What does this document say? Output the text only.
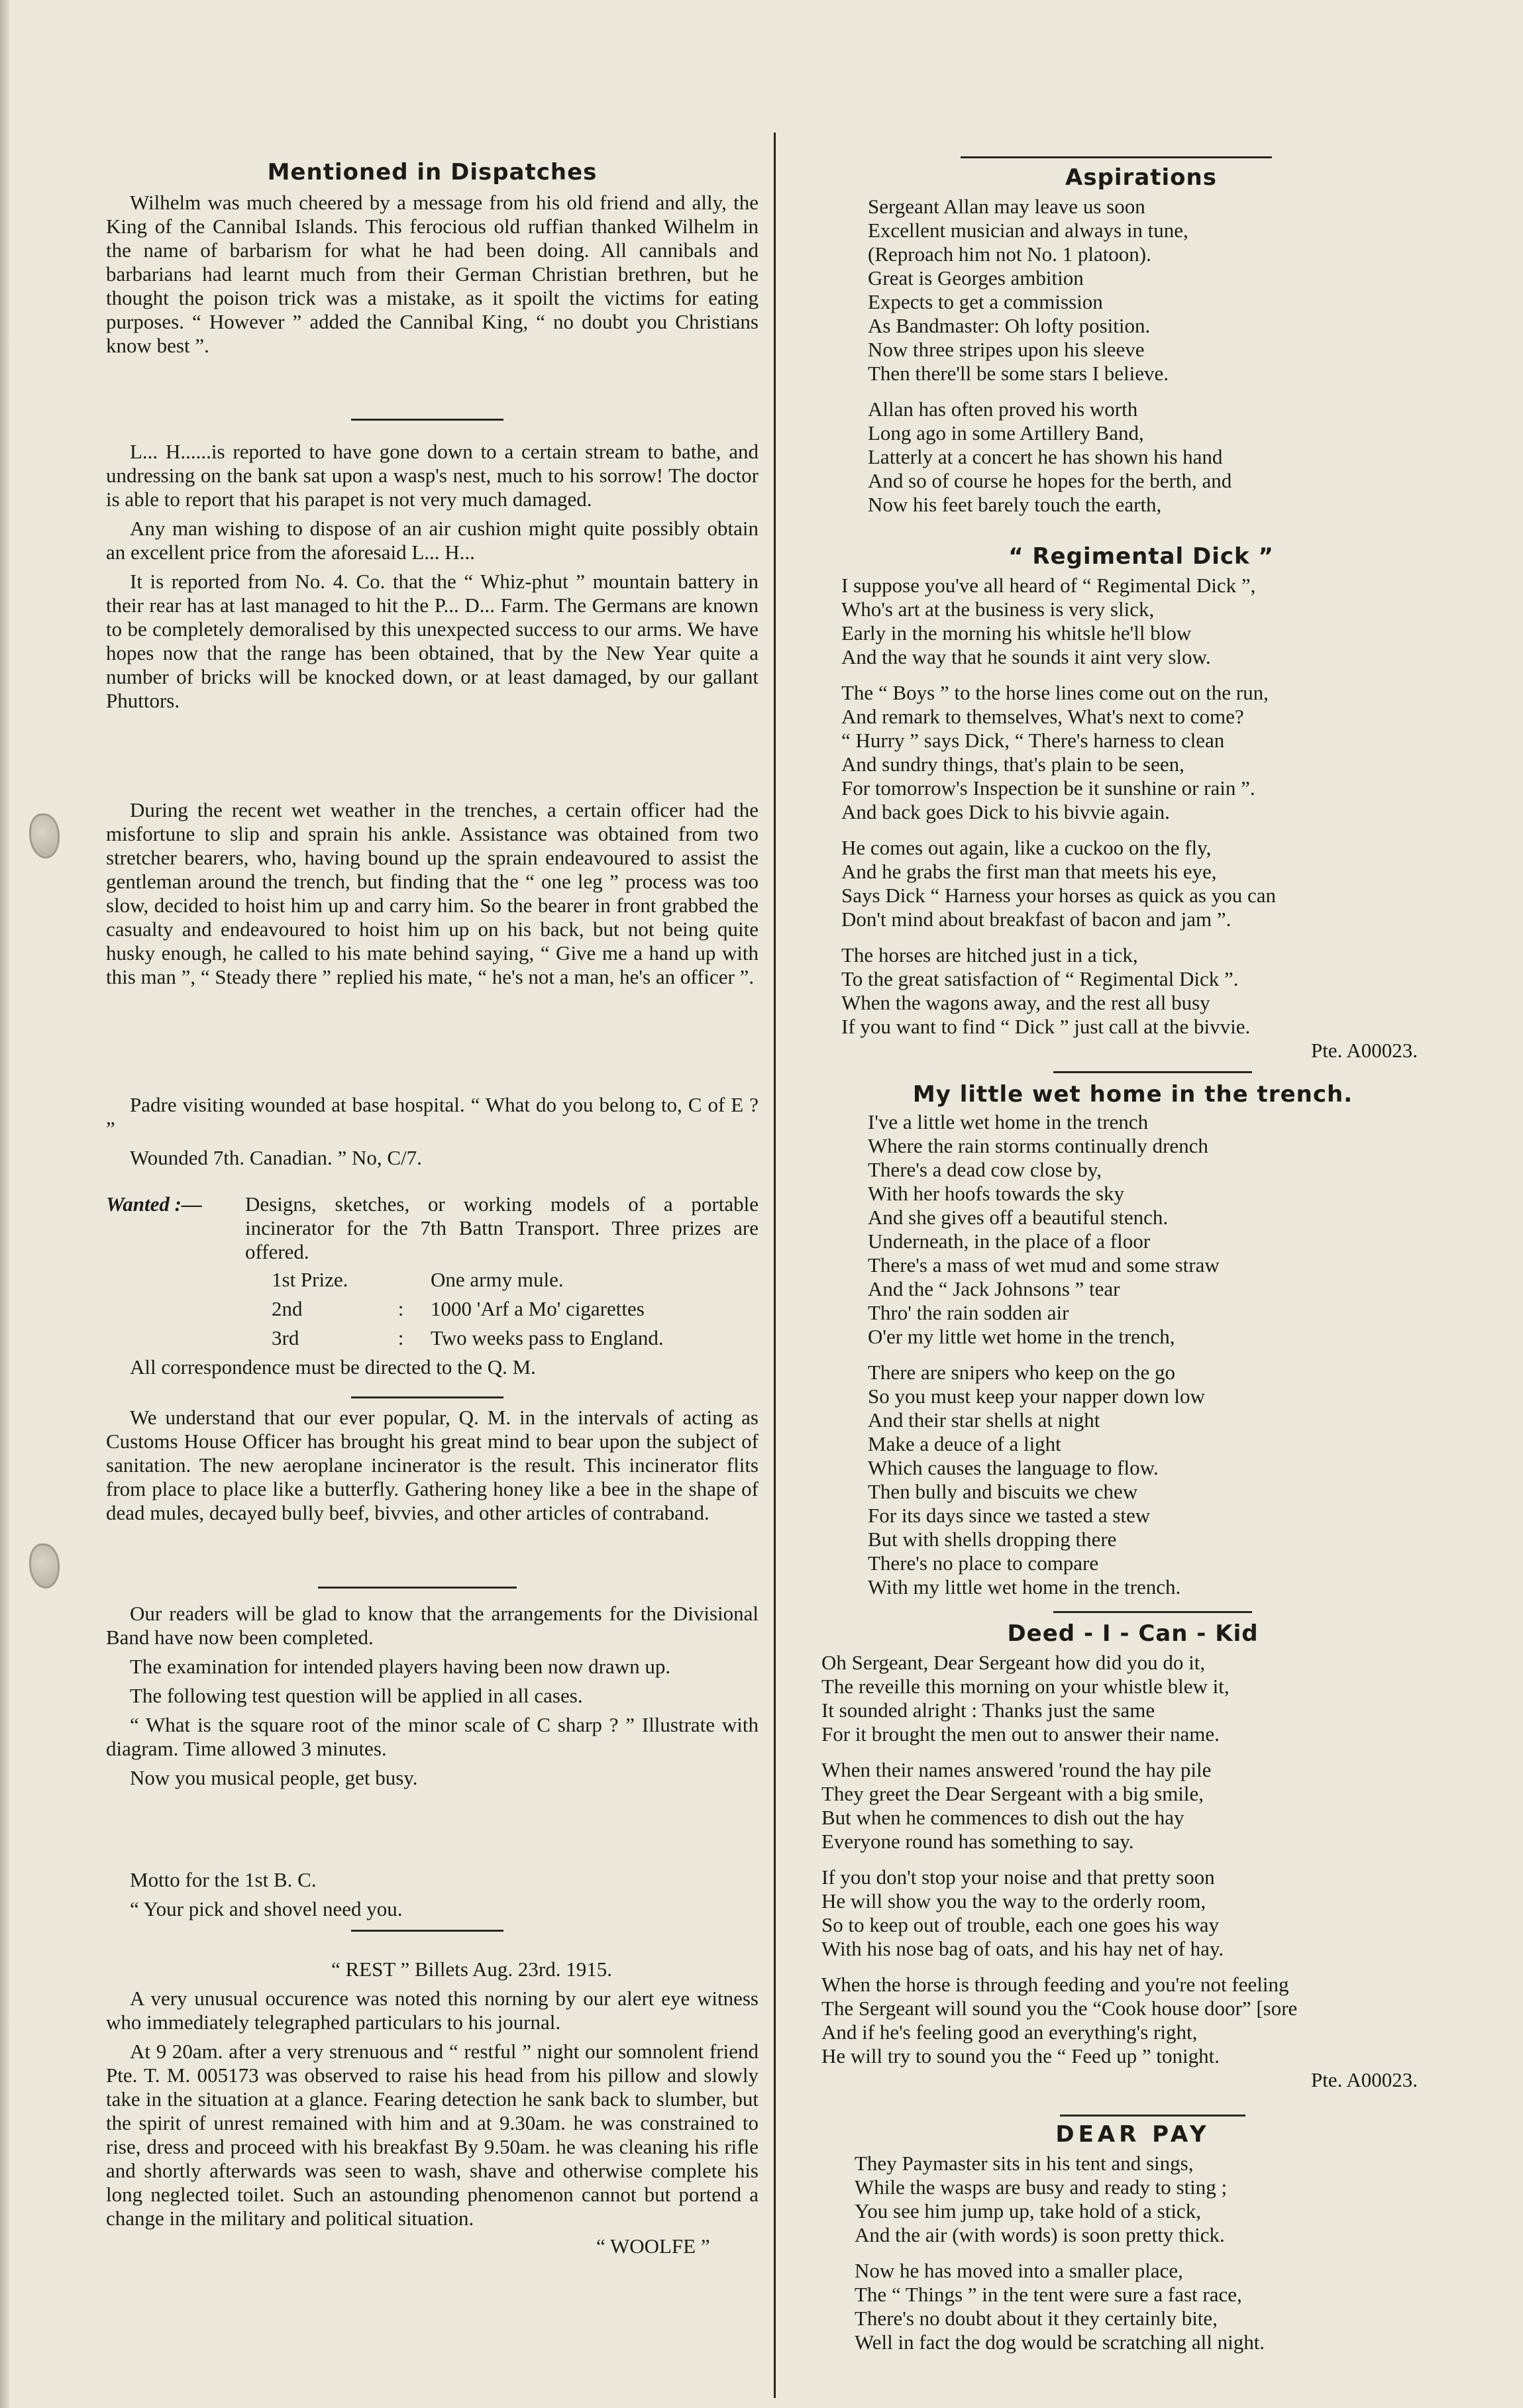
Mentioned in Dispatches

Wilhelm was much cheered by a message from his old friend and ally, the King of the Cannibal Islands. This ferocious old ruffian thanked Wilhelm in the name of barbarism for what he had been doing. All cannibals and barbarians had learnt much from their German Christian brethren, but he thought the poison trick was a mistake, as it spoilt the victims for eating purposes. “ However ” added the Cannibal King, “ no doubt you Christians know best ”.

L... H......is reported to have gone down to a certain stream to bathe, and undressing on the bank sat upon a wasp's nest, much to his sorrow! The doctor is able to report that his parapet is not very much damaged.

Any man wishing to dispose of an air cushion might quite possibly obtain an excellent price from the aforesaid L... H...

It is reported from No. 4. Co. that the “ Whiz-phut ” mountain battery in their rear has at last managed to hit the P... D... Farm. The Germans are known to be completely demoralised by this unexpected success to our arms. We have hopes now that the range has been obtained, that by the New Year quite a number of bricks will be knocked down, or at least damaged, by our gallant Phuttors.

During the recent wet weather in the trenches, a certain officer had the misfortune to slip and sprain his ankle. Assistance was obtained from two stretcher bearers, who, having bound up the sprain endeavoured to assist the gentleman around the trench, but finding that the “ one leg ” process was too slow, decided to hoist him up and carry him. So the bearer in front grabbed the casualty and endeavoured to hoist him up on his back, but not being quite husky enough, he called to his mate behind saying, “ Give me a hand up with this man ”, “ Steady there ” replied his mate, “ he's not a man, he's an officer ”.

Padre visiting wounded at base hospital. “ What do you belong to, C of E ? ”

Wounded 7th. Canadian. ” No, C/7.

Wanted :—	Designs, sketches, or working models of a portable incinerator for the 7th Battn Transport. Three prizes are offered.
1st Prize.	One army mule.
2nd	:	1000 'Arf a Mo' cigarettes
3rd	:	Two weeks pass to England.

All correspondence must be directed to the Q. M.

We understand that our ever popular, Q. M. in the intervals of acting as Customs House Officer has brought his great mind to bear upon the subject of sanitation. The new aeroplane incinerator is the result. This incinerator flits from place to place like a butterfly. Gathering honey like a bee in the shape of dead mules, decayed bully beef, bivvies, and other articles of contraband.

Our readers will be glad to know that the arrangements for the Divisional Band have now been completed.

The examination for intended players having been now drawn up.

The following test question will be applied in all cases.

“ What is the square root of the minor scale of C sharp ? ” Illustrate with diagram. Time allowed 3 minutes.

Now you musical people, get busy.

Motto for the 1st B. C.

“ Your pick and shovel need you.

“ REST ” Billets Aug. 23rd. 1915.

A very unusual occurence was noted this norning by our alert eye witness who immediately telegraphed particulars to his journal.

At 9 20am. after a very strenuous and “ restful ” night our somnolent friend Pte. T. M. 005173 was observed to raise his head from his pillow and slowly take in the situation at a glance. Fearing detection he sank back to slumber, but the spirit of unrest remained with him and at 9.30am. he was constrained to rise, dress and proceed with his breakfast By 9.50am. he was cleaning his rifle and shortly afterwards was seen to wash, shave and otherwise complete his long neglected toilet. Such an astounding phenomenon cannot but portend a change in the military and political situation.

“ WOOLFE ”

Aspirations
Sergeant Allan may leave us soon
Excellent musician and always in tune,
(Reproach him not No. 1 platoon).
Great is Georges ambition
Expects to get a commission
As Bandmaster: Oh lofty position.
Now three stripes upon his sleeve
Then there'll be some stars I believe.
Allan has often proved his worth
Long ago in some Artillery Band,
Latterly at a concert he has shown his hand
And so of course he hopes for the berth, and
Now his feet barely touch the earth,
“ Regimental Dick ”
I suppose you've all heard of “ Regimental Dick ”,
Who's art at the business is very slick,
Early in the morning his whitsle he'll blow
And the way that he sounds it aint very slow.
The “ Boys ” to the horse lines come out on the run,
And remark to themselves, What's next to come?
“ Hurry ” says Dick, “ There's harness to clean
And sundry things, that's plain to be seen,
For tomorrow's Inspection be it sunshine or rain ”.
And back goes Dick to his bivvie again.
He comes out again, like a cuckoo on the fly,
And he grabs the first man that meets his eye,
Says Dick “ Harness your horses as quick as you can
Don't mind about breakfast of bacon and jam ”.
The horses are hitched just in a tick,
To the great satisfaction of “ Regimental Dick ”.
When the wagons away, and the rest all busy
If you want to find “ Dick ” just call at the bivvie.
Pte. A00023.
My little wet home in the trench.
I've a little wet home in the trench
Where the rain storms continually drench
There's a dead cow close by,
With her hoofs towards the sky
And she gives off a beautiful stench.
Underneath, in the place of a floor
There's a mass of wet mud and some straw
And the “ Jack Johnsons ” tear
Thro' the rain sodden air
O'er my little wet home in the trench,
There are snipers who keep on the go
So you must keep your napper down low
And their star shells at night
Make a deuce of a light
Which causes the language to flow.
Then bully and biscuits we chew
For its days since we tasted a stew
But with shells dropping there
There's no place to compare
With my little wet home in the trench.
Deed - I - Can - Kid
Oh Sergeant, Dear Sergeant how did you do it,
The reveille this morning on your whistle blew it,
It sounded alright : Thanks just the same
For it brought the men out to answer their name.
When their names answered 'round the hay pile
They greet the Dear Sergeant with a big smile,
But when he commences to dish out the hay
Everyone round has something to say.
If you don't stop your noise and that pretty soon
He will show you the way to the orderly room,
So to keep out of trouble, each one goes his way
With his nose bag of oats, and his hay net of hay.
When the horse is through feeding and you're not feeling
The Sergeant will sound you the “Cook house door” [sore
And if he's feeling good an everything's right,
He will try to sound you the “ Feed up ” tonight.
Pte. A00023.
DEAR PAY
They Paymaster sits in his tent and sings,
While the wasps are busy and ready to sting ;
You see him jump up, take hold of a stick,
And the air (with words) is soon pretty thick.
Now he has moved into a smaller place,
The “ Things ” in the tent were sure a fast race,
There's no doubt about it they certainly bite,
Well in fact the dog would be scratching all night.
